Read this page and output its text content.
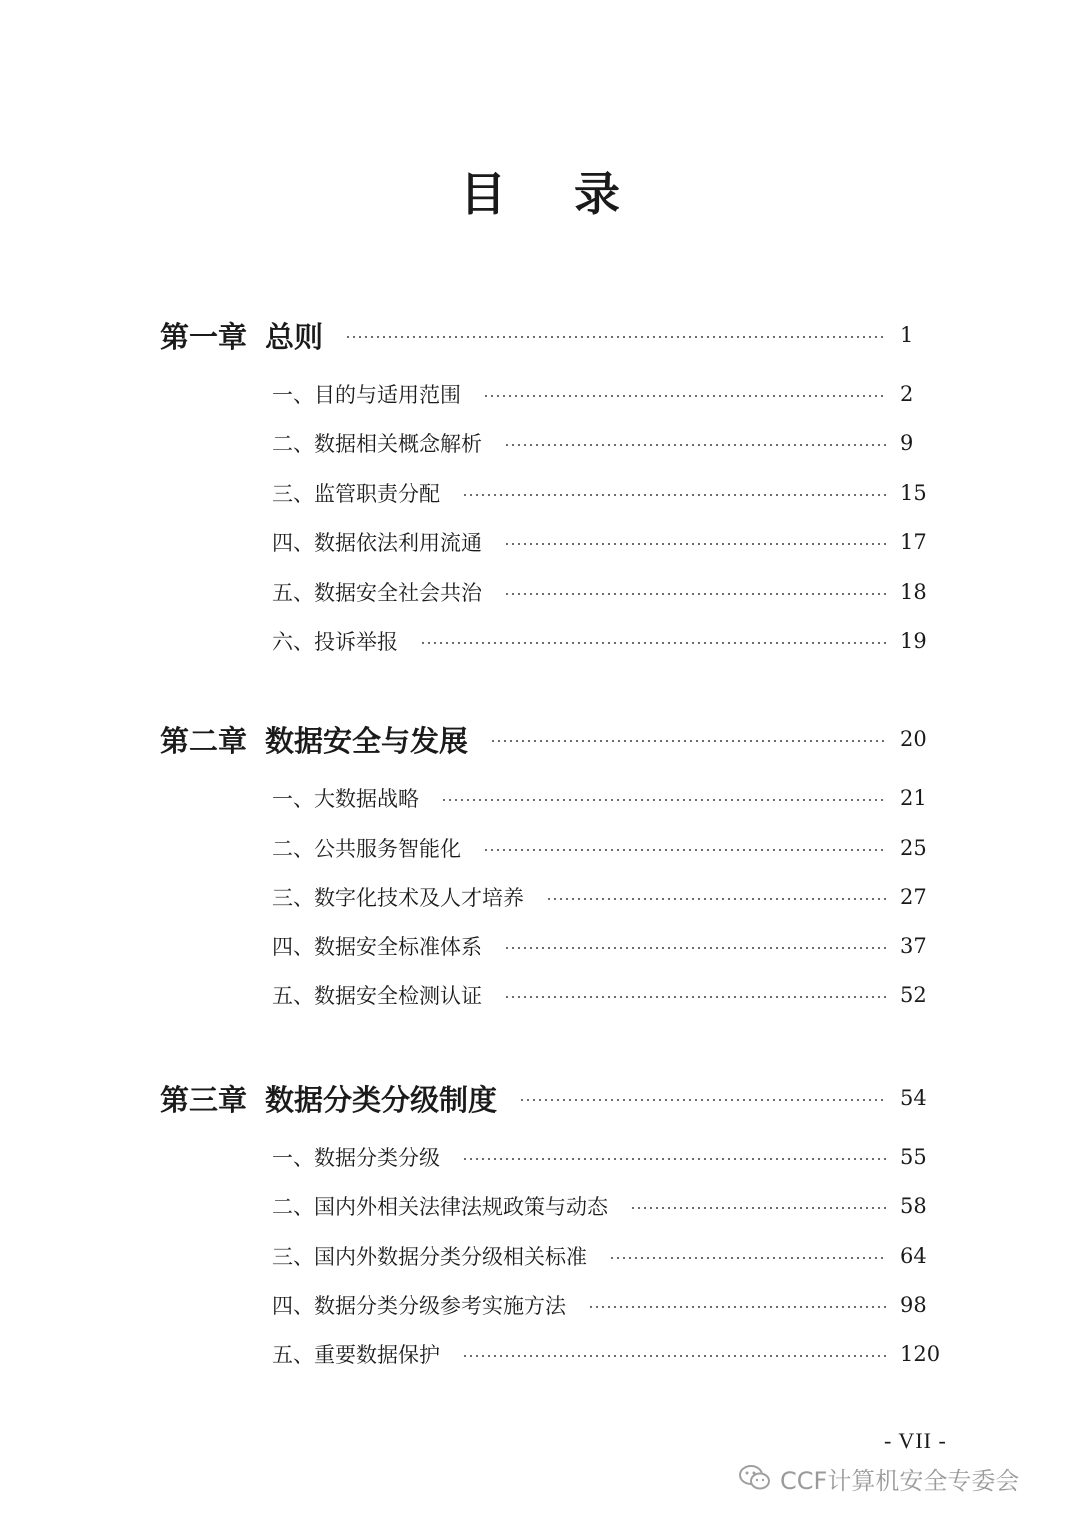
目 录
第一章 总则	1
一、目的与适用范围	2
二、数据相关概念解析	9
三、监管职责分配	15
四、数据依法利用流通	17
五、数据安全社会共治	18
六、投诉举报	19
第二章 数据安全与发展	20
一、大数据战略	21
二、公共服务智能化	25
三、数字化技术及人才培养	27
四、数据安全标准体系	37
五、数据安全检测认证	52
第三章 数据分类分级制度	54
一、数据分类分级	55
二、国内外相关法律法规政策与动态	58
三、国内外数据分类分级相关标准	64
四、数据分类分级参考实施方法	98
五、重要数据保护	120
- VII -
CCF计算机安全专委会
